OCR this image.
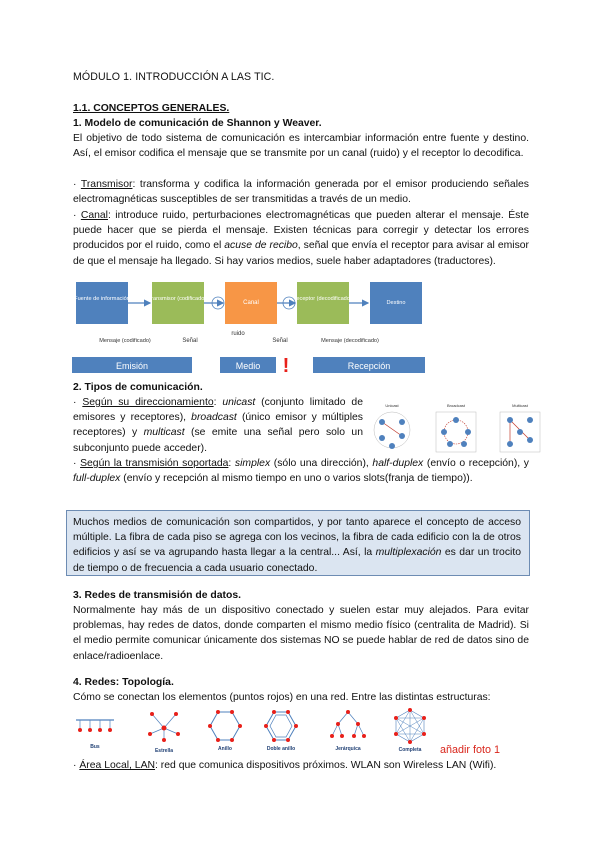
MÓDULO 1. INTRODUCCIÓN A LAS TIC.

1.1. CONCEPTOS GENERALES.

1. Modelo de comunicación de Shannon y Weaver.

El objetivo de todo sistema de comunicación es intercambiar información entre fuente y destino. Así, el emisor codifica el mensaje que se transmite por un canal (ruido) y el receptor lo decodifica.

· Transmisor: transforma y codifica la información generada por el emisor produciendo señales electromagnéticas susceptibles de ser transmitidas a través de un medio.

· Canal: introduce ruido, perturbaciones electromagnéticas que pueden alterar el mensaje. Éste puede hacer que se pierda el mensaje. Existen técnicas para corregir y detectar los errores producidos por el ruido, como el acuse de recibo, señal que envía el receptor para avisar al emisor de que el mensaje ha llegado. Si hay varios medios, suele haber adaptadores (traductores).

Fuente de información	Transmisor (codificador)
Canal
Receptor (decodificador)
Destino
ruido
Señal	Señal
Mensaje (codificado)	Mensaje (decodificado)
Emisión	Medio !	Recepción

2. Tipos de comunicación.

· Según su direccionamiento: unicast (conjunto limitado de emisores y receptores), broadcast (único emisor y múltiples receptores) y multicast (se emite una señal pero solo un subconjunto puede acceder).

Unicast	Broadcast	Multicast

· Según la transmisión soportada: simplex (sólo una dirección), half-duplex (envío o recepción), y full-duplex (envío y recepción al mismo tiempo en uno o varios slots(franja de tiempo)).

Muchos medios de comunicación son compartidos, y por tanto aparece el concepto de acceso múltiple. La fibra de cada piso se agrega con los vecinos, la fibra de cada edificio con la de otros edificios y así se va agrupando hasta llegar a la central... Así, la multiplexación es dar un trocito de tiempo o de frecuencia a cada usuario conectado.

3. Redes de transmisión de datos.

Normalmente hay más de un dispositivo conectado y suelen estar muy alejados. Para evitar problemas, hay redes de datos, donde comparten el mismo medio físico (centralita de Madrid). Si el medio permite comunicar únicamente dos sistemas NO se puede hablar de red de datos sino de enlace/radioenlace.

4. Redes: Topología.

Cómo se conectan los elementos (puntos rojos) en una red. Entre las distintas estructuras:

Bus
Estrella	Anillo	Doble anillo	Jerárquica	Completa añadir foto 1

· Área Local, LAN: red que comunica dispositivos próximos. WLAN son Wireless LAN (Wifi).
